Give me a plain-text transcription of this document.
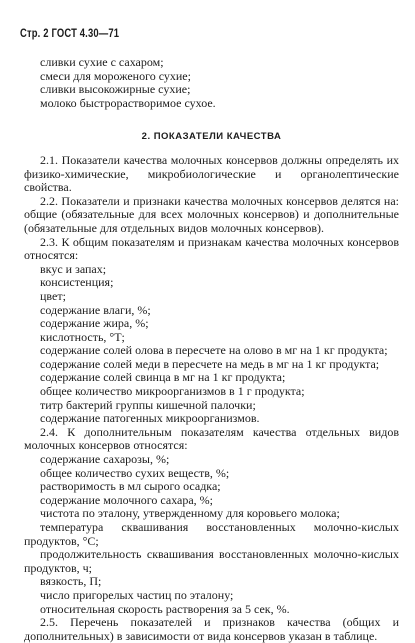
Стр. 2 ГОСТ 4.30—71
сливки сухие с сахаром;
смеси для мороженого сухие;
сливки высокожирные сухие;
молоко быстрорастворимое сухое.
2. ПОКАЗАТЕЛИ КАЧЕСТВА

2.1. Показатели качества молочных консервов должны определять их физико-химические, микробиологические и органолептические свойства.

2.2. Показатели и признаки качества молочных консервов делятся на: общие (обязательные для всех молочных консервов) и дополнительные (обязательные для отдельных видов молочных консервов).

2.3. К общим показателям и признакам качества молочных консервов относятся:

вкус и запах;
консистенция;
цвет;
содержание влаги, %;
содержание жира, %;
кислотность, °Т;
содержание солей олова в пересчете на олово в мг на 1 кг продукта;
содержание солей меди в пересчете на медь в мг на 1 кг продукта;
содержание солей свинца в мг на 1 кг продукта;
общее количество микроорганизмов в 1 г продукта;
титр бактерий группы кишечной палочки;
содержание патогенных микроорганизмов.

2.4. К дополнительным показателям качества отдельных видов молочных консервов относятся:

содержание сахарозы, %;
общее количество сухих веществ, %;
растворимость в мл сырого осадка;
содержание молочного сахара, %;
чистота по эталону, утвержденному для коровьего молока;
температура сквашивания восстановленных молочно-кислых продуктов, °С;
продолжительность сквашивания восстановленных молочно-кислых продуктов, ч;
вязкость, П;
число пригорелых частиц по эталону;
относительная скорость растворения за 5 сек, %.

2.5. Перечень показателей и признаков качества (общих и дополнительных) в зависимости от вида консервов указан в таблице.
